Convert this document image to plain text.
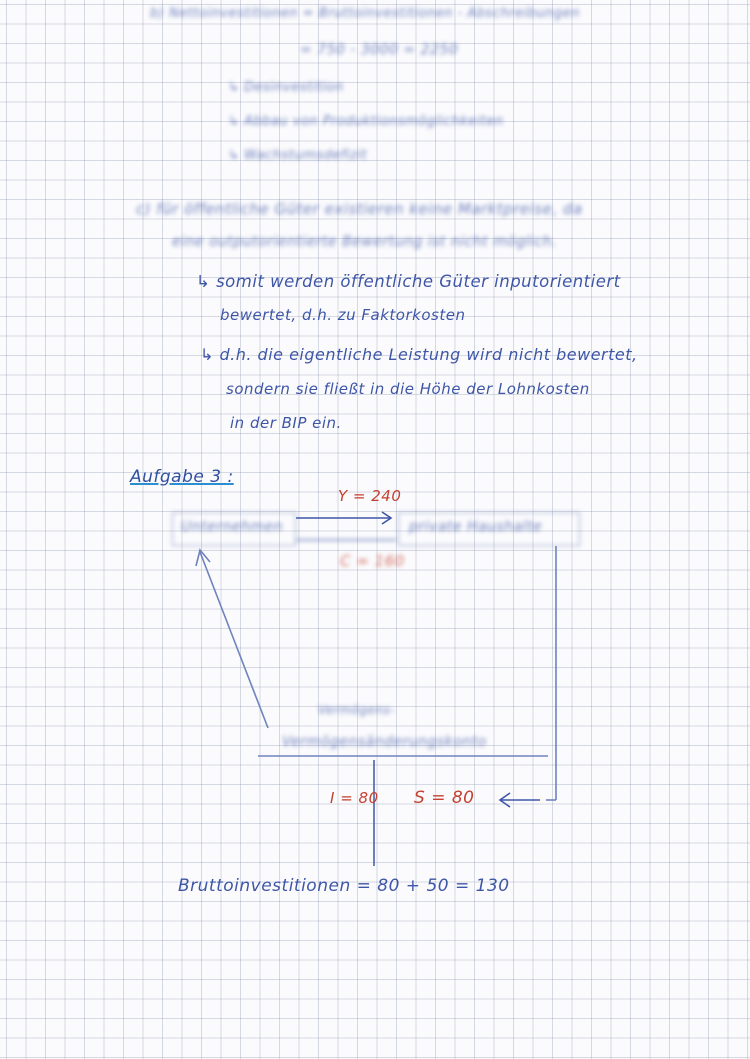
b) Nettoinvestitionen = Bruttoinvestitionen - Abschreibungen
= 750 - 3000 = 2250
↳ Desinvestition
↳ Abbau von Produktionsmöglichkeiten
↳ Wachstumsdefizit
c) für öffentliche Güter existieren keine Marktpreise, da
eine outputorientierte Bewertung ist nicht möglich.
↳ somit werden öffentliche Güter inputorientiert
bewertet, d.h. zu Faktorkosten
↳ d.h. die eigentliche Leistung wird nicht bewertet,
sondern sie fließt in die Höhe der Lohnkosten
in der BIP ein.
Aufgabe 3 :
Y = 240
Unternehmen	private Haushalte
C = 160
Vermögens-
Vermögensänderungskonto
I = 80 S = 80
Bruttoinvestitionen = 80 + 50 = 130
